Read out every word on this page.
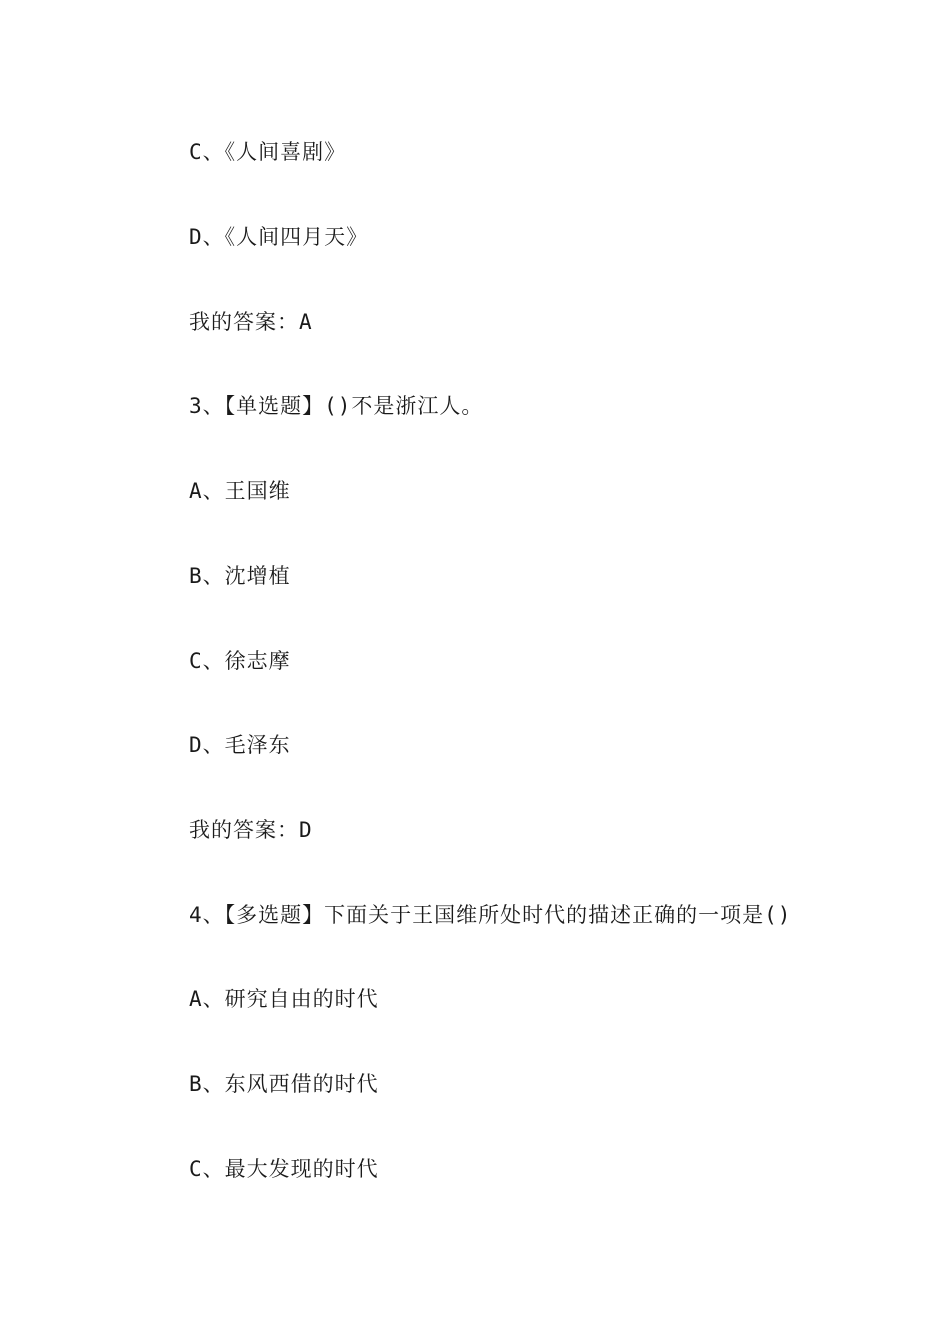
C、《人间喜剧》
D、《人间四月天》
我的答案：A
3、【单选题】()不是浙江人。
A、王国维
B、沈增植
C、徐志摩
D、毛泽东
我的答案：D
4、【多选题】下面关于王国维所处时代的描述正确的一项是()
A、研究自由的时代
B、东风西借的时代
C、最大发现的时代
